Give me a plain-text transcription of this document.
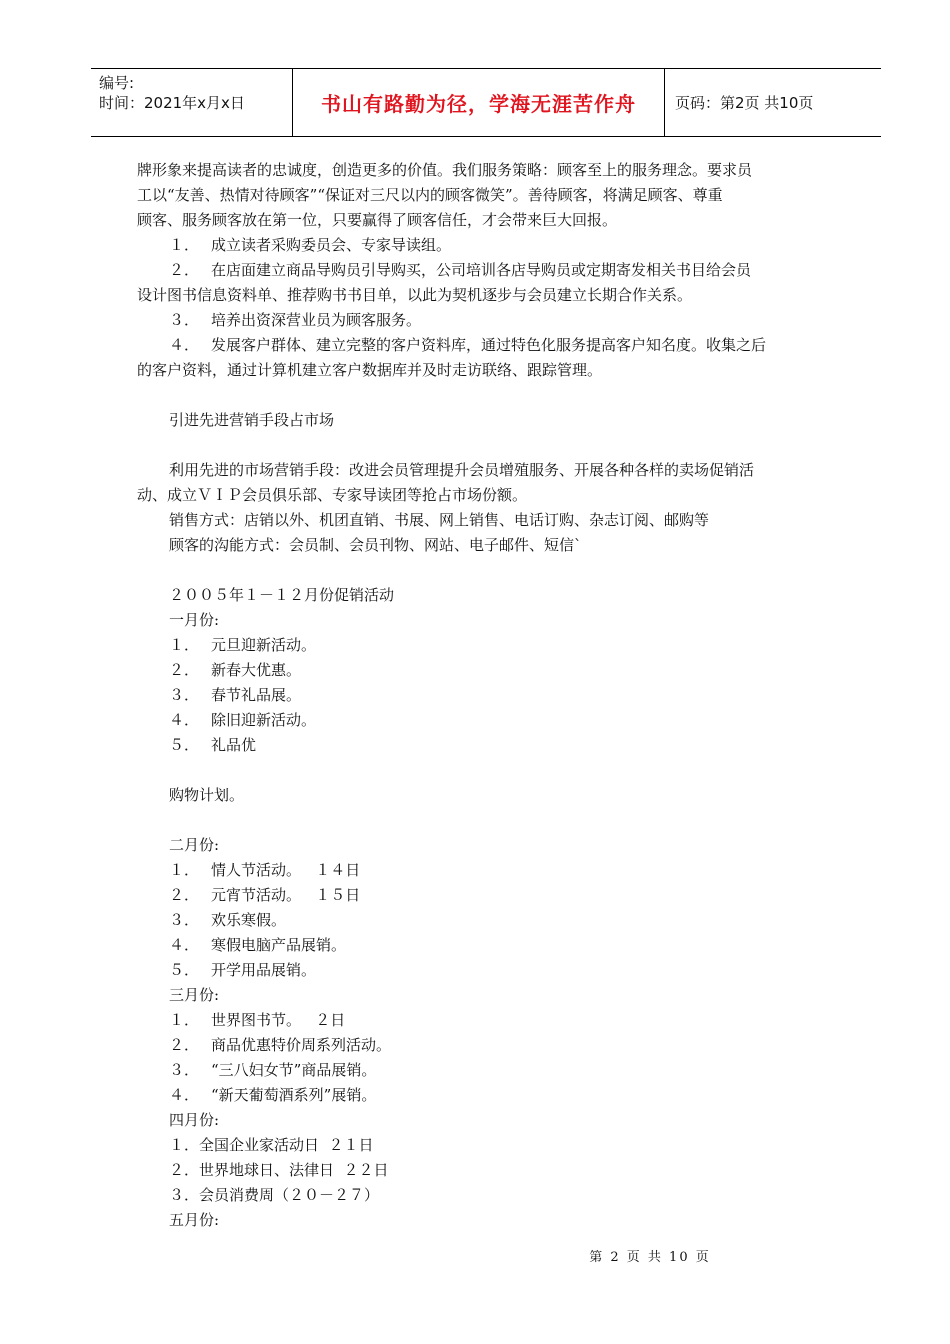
编号:
时间：2021年x月x日	书山有路勤为径，学海无涯苦作舟	页码：第2页 共10页
牌形象来提高读者的忠诚度，创造更多的价值。我们服务策略：顾客至上的服务理念。要求员
工以“友善、热情对待顾客”“保证对三尺以内的顾客微笑”。善待顾客，将满足顾客、尊重
顾客、服务顾客放在第一位，只要赢得了顾客信任，才会带来巨大回报。
１． 成立读者采购委员会、专家导读组。
２． 在店面建立商品导购员引导购买，公司培训各店导购员或定期寄发相关书目给会员
设计图书信息资料单、推荐购书书目单，以此为契机逐步与会员建立长期合作关系。
３． 培养出资深营业员为顾客服务。
４． 发展客户群体、建立完整的客户资料库，通过特色化服务提高客户知名度。收集之后
的客户资料，通过计算机建立客户数据库并及时走访联络、跟踪管理。
引进先进营销手段占市场
利用先进的市场营销手段：改进会员管理提升会员增殖服务、开展各种各样的卖场促销活
动、成立ＶＩＰ会员俱乐部、专家导读团等抢占市场份额。
销售方式：店销以外、机团直销、书展、网上销售、电话订购、杂志订阅、邮购等
顾客的沟能方式：会员制、会员刊物、网站、电子邮件、短信`
２００５年１－１２月份促销活动
一月份:
１． 元旦迎新活动。
２． 新春大优惠。
３． 春节礼品展。
４． 除旧迎新活动。
５． 礼品优
购物计划。
二月份:
１． 情人节活动。   １４日
２． 元宵节活动。   １５日
３． 欢乐寒假。
４． 寒假电脑产品展销。
５． 开学用品展销。
三月份:
１． 世界图书节。   ２日
２． 商品优惠特价周系列活动。
３． “三八妇女节”商品展销。
４． “新天葡萄酒系列”展销。
四月份:
１．全国企业家活动日  ２１日
２．世界地球日、法律日  ２２日
３．会员消费周（２０－２７）
五月份:
第 2 页 共 10 页
